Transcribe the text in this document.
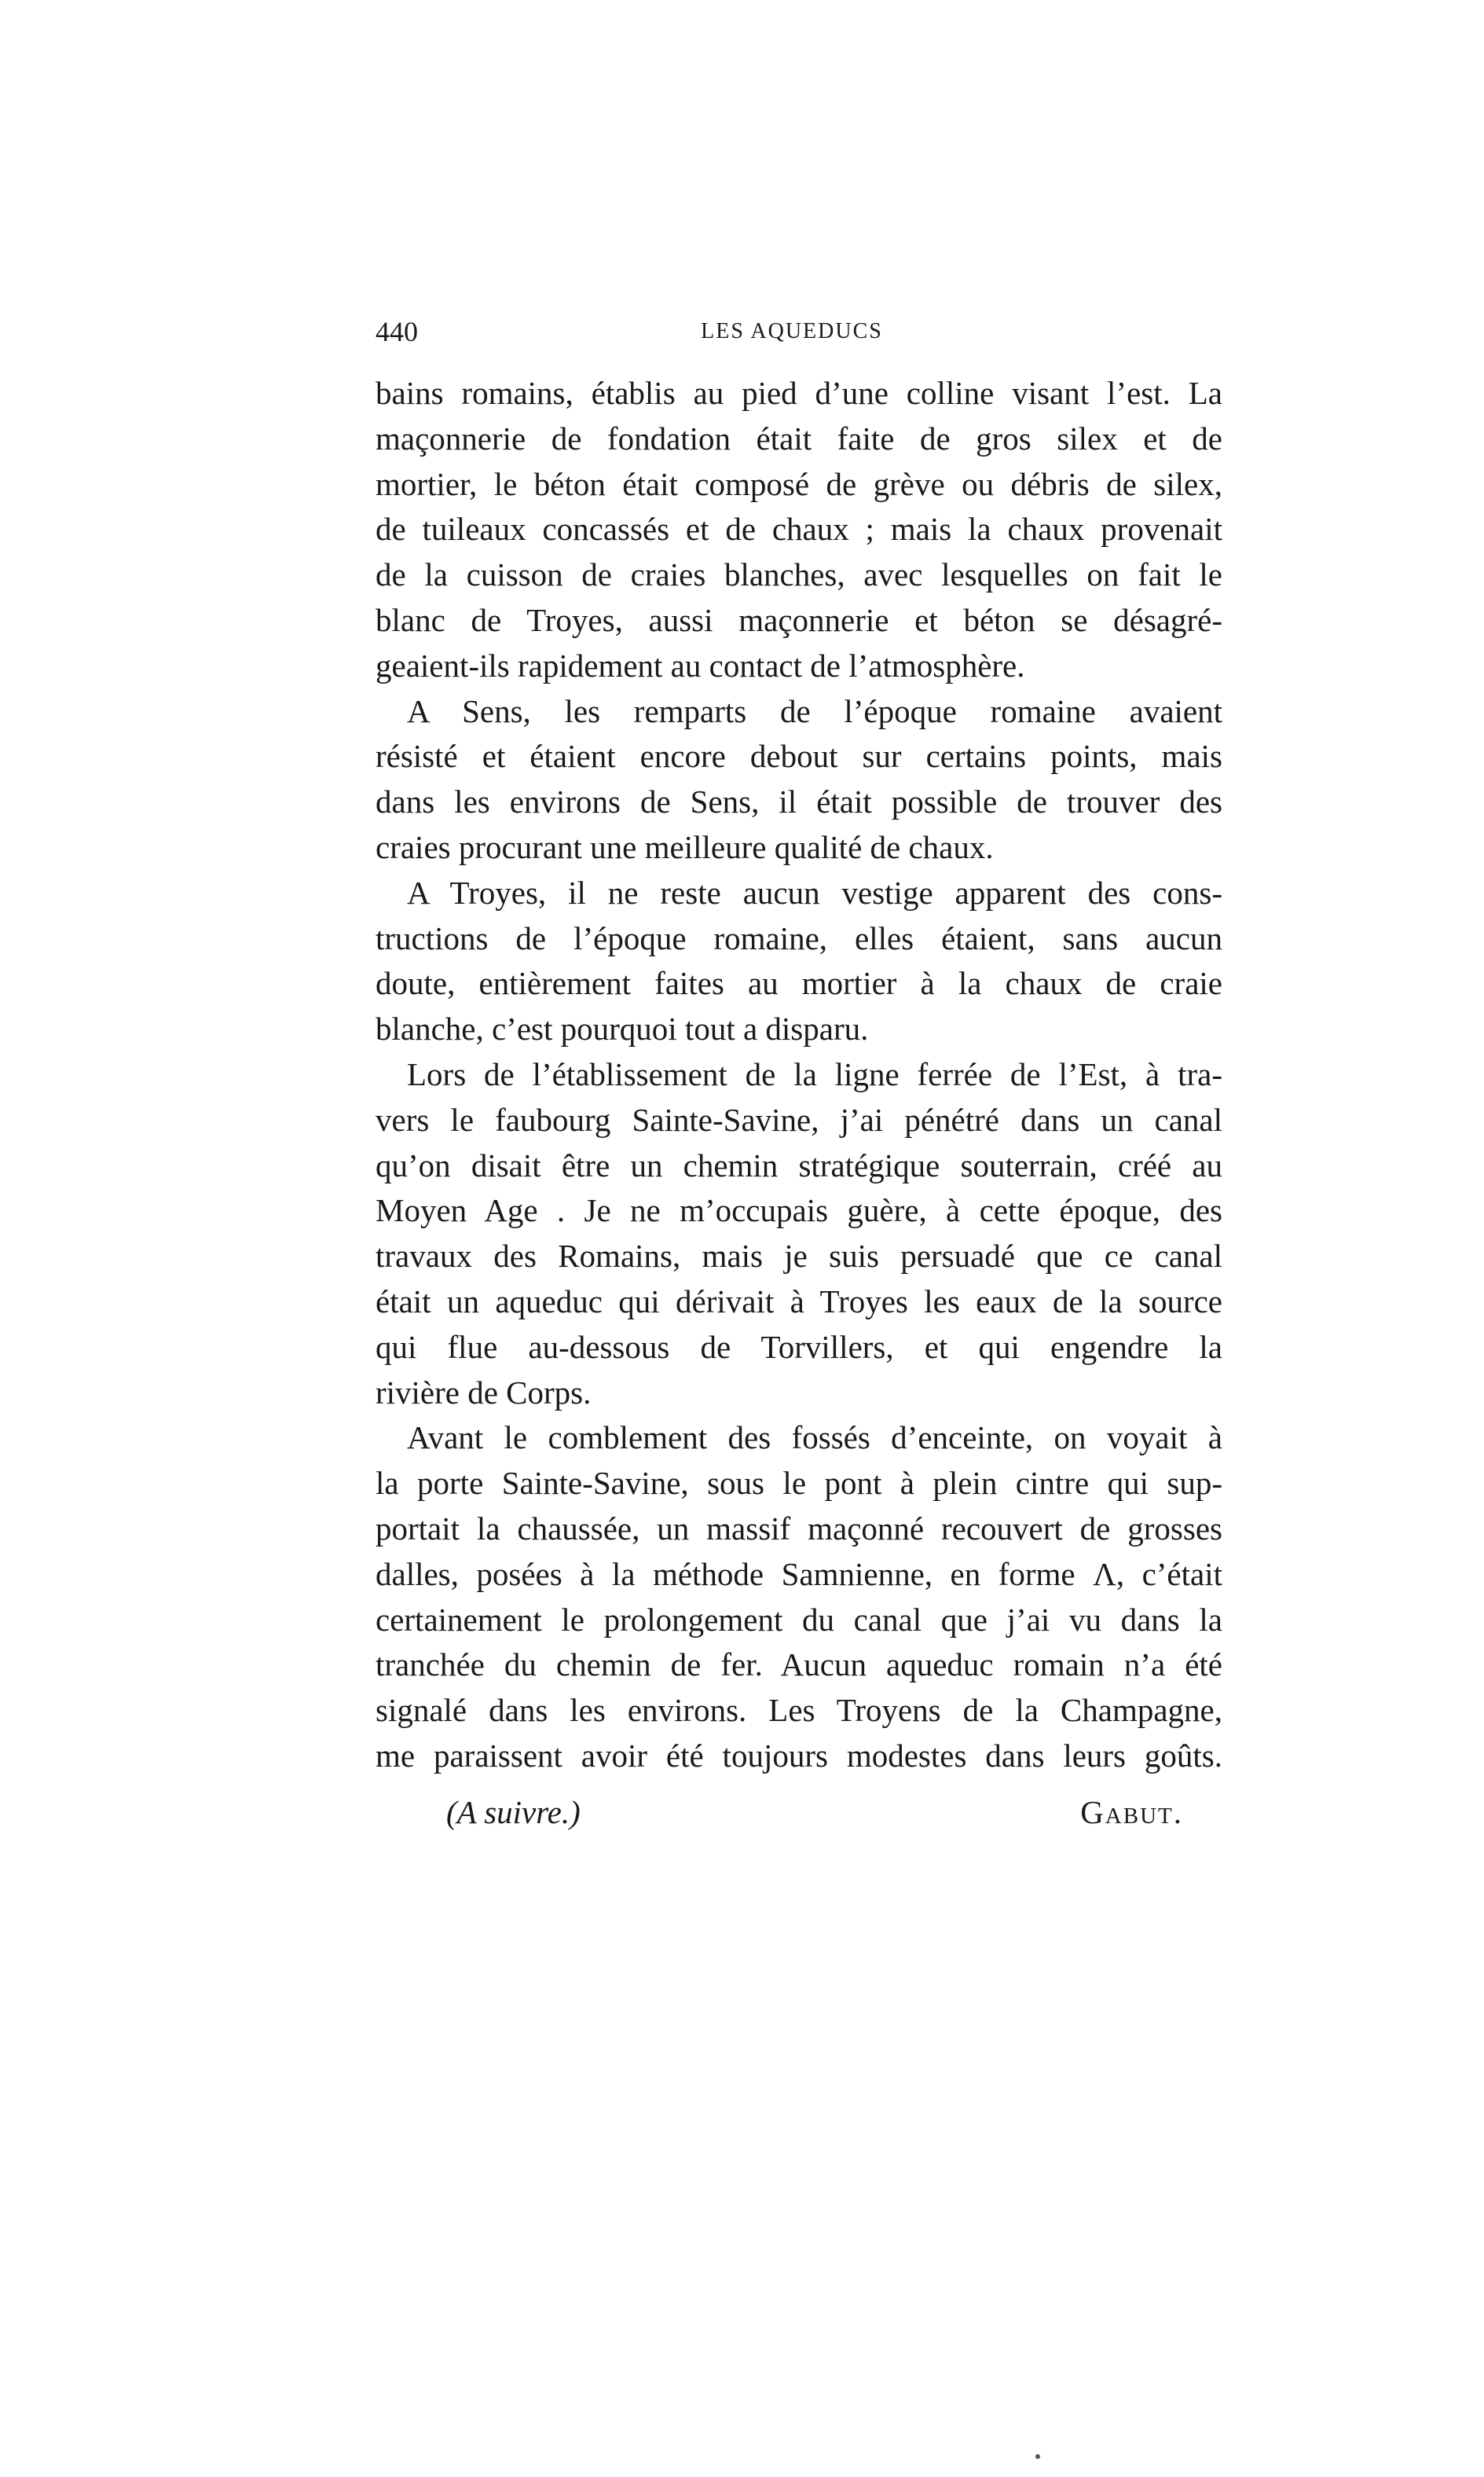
440	LES AQUEDUCS
bains romains, établis au pied d’une colline visant l’est. La
maçonnerie de fondation était faite de gros silex et de
mortier, le béton était composé de grève ou débris de silex,
de tuileaux concassés et de chaux ; mais la chaux provenait
de la cuisson de craies blanches, avec lesquelles on fait le
blanc de Troyes, aussi maçonnerie et béton se désagré-
geaient-ils rapidement au contact de l’atmosphère.
A Sens, les remparts de l’époque romaine avaient
résisté et étaient encore debout sur certains points, mais
dans les environs de Sens, il était possible de trouver des
craies procurant une meilleure qualité de chaux.
A Troyes, il ne reste aucun vestige apparent des cons-
tructions de l’époque romaine, elles étaient, sans aucun
doute, entièrement faites au mortier à la chaux de craie
blanche, c’est pourquoi tout a disparu.
Lors de l’établissement de la ligne ferrée de l’Est, à tra-
vers le faubourg Sainte-Savine, j’ai pénétré dans un canal
qu’on disait être un chemin stratégique souterrain, créé au
Moyen Age . Je ne m’occupais guère, à cette époque, des
travaux des Romains, mais je suis persuadé que ce canal
était un aqueduc qui dérivait à Troyes les eaux de la source
qui flue au-dessous de Torvillers, et qui engendre la
rivière de Corps.
Avant le comblement des fossés d’enceinte, on voyait à
la porte Sainte-Savine, sous le pont à plein cintre qui sup-
portait la chaussée, un massif maçonné recouvert de grosses
dalles, posées à la méthode Samnienne, en forme Λ, c’était
certainement le prolongement du canal que j’ai vu dans la
tranchée du chemin de fer. Aucun aqueduc romain n’a été
signalé dans les environs. Les Troyens de la Champagne,
me paraissent avoir été toujours modestes dans leurs goûts.
(A suivre.)	Gabut.
